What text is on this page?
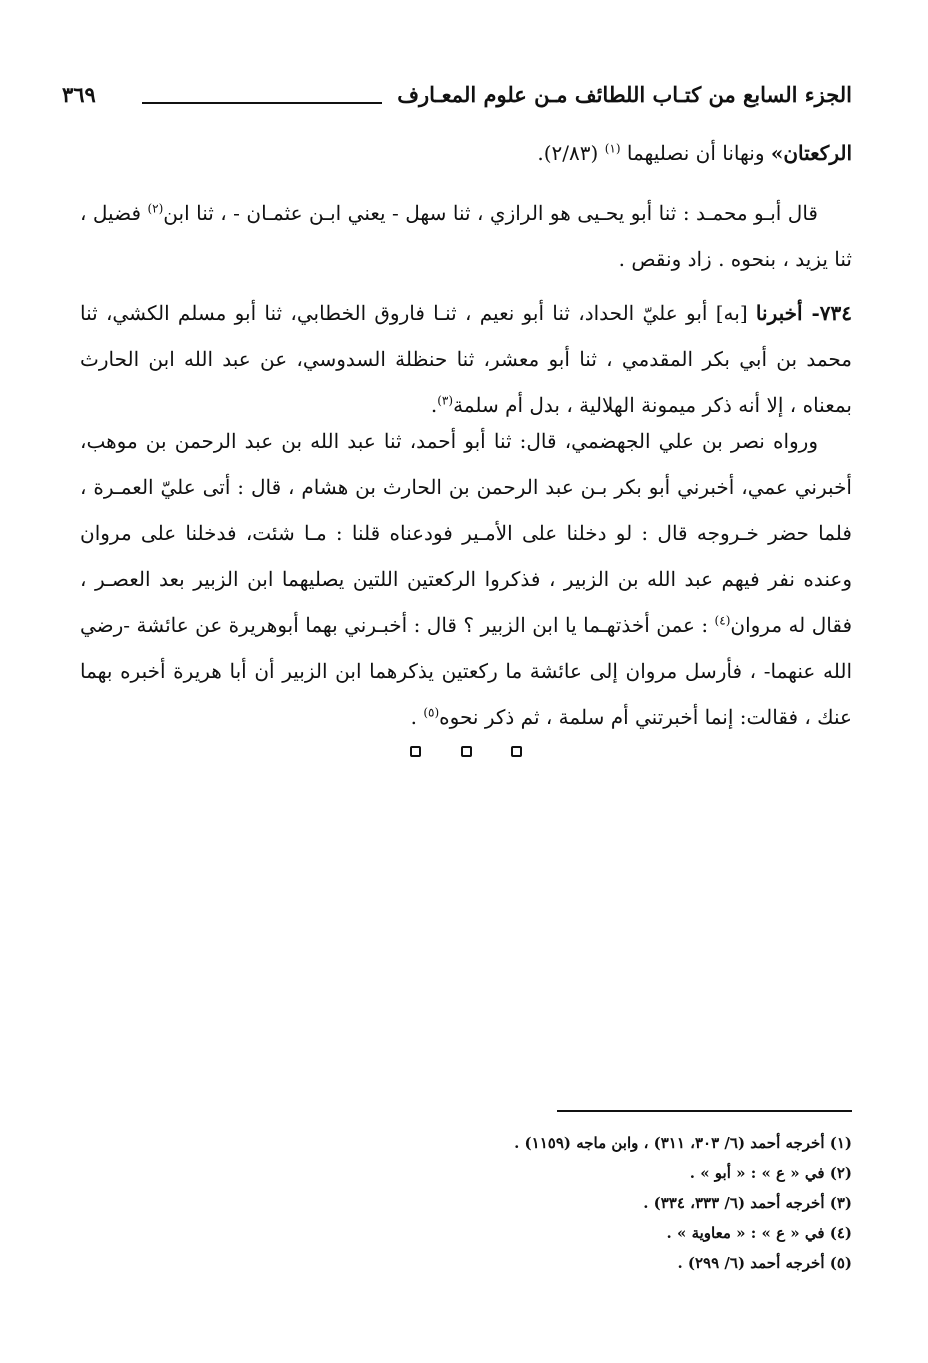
الجزء السابع من كتـاب اللطائف مـن علوم المعـارف
٣٦٩

الركعتان» ونهانا أن نصليهما $^{(١)}$ (٢/٨٣).

قال أبـو محمـد : ثنا أبو يحـيى هو الرازي ، ثنا سهل - يعني ابـن عثمـان - ، ثنا ابن$^{(٢)}$ فضيل ، ثنا يزيد ، بنحوه . زاد ونقص .

٧٣٤- أخبرنا [به] أبو عليّ الحداد، ثنا أبو نعيم ، ثنـا فاروق الخطابي، ثنا أبو مسلم الكشي، ثنا محمد بن أبي بكر المقدمي ، ثنا أبو معشر، ثنا حنظلة السدوسي، عن عبد الله ابن الحارث بمعناه ، إلا أنه ذكر ميمونة الهلالية ، بدل أم سلمة$^{(٣)}$.

ورواه نصر بن علي الجهضمي، قال: ثنا أبو أحمد، ثنا عبد الله بن عبد الرحمن بن موهب، أخبرني عمي، أخبرني أبو بكر بـن عبد الرحمن بن الحارث بن هشام ، قال : أتى عليّ العمـرة ، فلما حضر خـروجه قال : لو دخلنا على الأمـير فودعناه قلنا : مـا شئت، فدخلنا على مروان وعنده نفر فيهم عبد الله بن الزبير ، فذكروا الركعتين اللتين يصليهما ابن الزبير بعد العصـر ، فقال له مروان$^{(٤)}$ : عمن أخذتهـما يا ابن الزبير ؟ قال : أخبـرني بهما أبوهريرة عن عائشة -رضي الله عنهما- ، فأرسل مروان إلى عائشة ما ركعتين يذكرهما ابن الزبير أن أبا هريرة أخبره بهما عنك ، فقالت: إنما أخبرتني أم سلمة ، ثم ذكر نحوه$^{(٥)}$ .

(١) أخرجه أحمد (٦/ ٣٠٣، ٣١١) ، وابن ماجه (١١٥٩) .

(٢) في « ع » : « أبو » .

(٣) أخرجه أحمد (٦/ ٣٣٣، ٣٣٤) .

(٤) في « ع » : « معاوية » .

(٥) أخرجه أحمد (٦/ ٢٩٩) .
